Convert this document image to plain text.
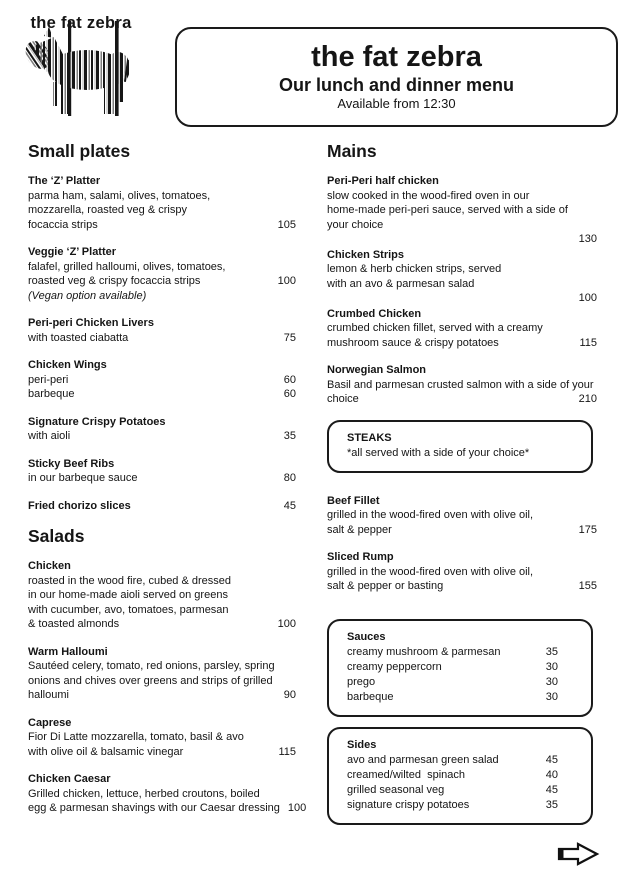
the fat zebra
the fat zebra
Our lunch and dinner menu
Available from 12:30
Small plates
The ‘Z’ Platter
parma ham, salami, olives, tomatoes,
mozzarella, roasted veg & crispy
focaccia strips	105
Veggie ‘Z’ Platter
falafel, grilled halloumi, olives, tomatoes,
roasted veg & crispy focaccia strips	100
(Vegan option available)
Peri-peri Chicken Livers
with toasted ciabatta	75
Chicken Wings
peri-peri	60
barbeque	60
Signature Crispy Potatoes
with aioli	35
Sticky Beef Ribs
in our barbeque sauce	80
Fried chorizo slices	45
Salads
Chicken
roasted in the wood fire, cubed & dressed
in our home-made aioli served on greens
with cucumber, avo, tomatoes, parmesan
& toasted almonds	100
Warm Halloumi
Sautéed celery, tomato, red onions, parsley, spring
onions and chives over greens and strips of grilled
halloumi	90
Caprese
Fior Di Latte mozzarella, tomato, basil & avo
with olive oil & balsamic vinegar	115
Chicken Caesar
Grilled chicken, lettuce, herbed croutons, boiled
egg & parmesan shavings with our Caesar dressing 100
Mains
Peri-Peri half chicken
slow cooked in the wood-fired oven in our
home-made peri-peri sauce, served with a side of
your choice
130
Chicken Strips
lemon & herb chicken strips, served
with an avo & parmesan salad
100
Crumbed Chicken
crumbed chicken fillet, served with a creamy
mushroom sauce & crispy potatoes	115
Norwegian Salmon
Basil and parmesan crusted salmon with a side of your
choice	210
STEAKS
*all served with a side of your choice*
Beef Fillet
grilled in the wood-fired oven with olive oil,
salt & pepper	175
Sliced Rump
grilled in the wood-fired oven with olive oil,
salt & pepper or basting	155
Sauces
creamy mushroom & parmesan	35
creamy peppercorn	30
prego	30
barbeque	30
Sides
avo and parmesan green salad	45
creamed/wilted  spinach	40
grilled seasonal veg	45
signature crispy potatoes	35
